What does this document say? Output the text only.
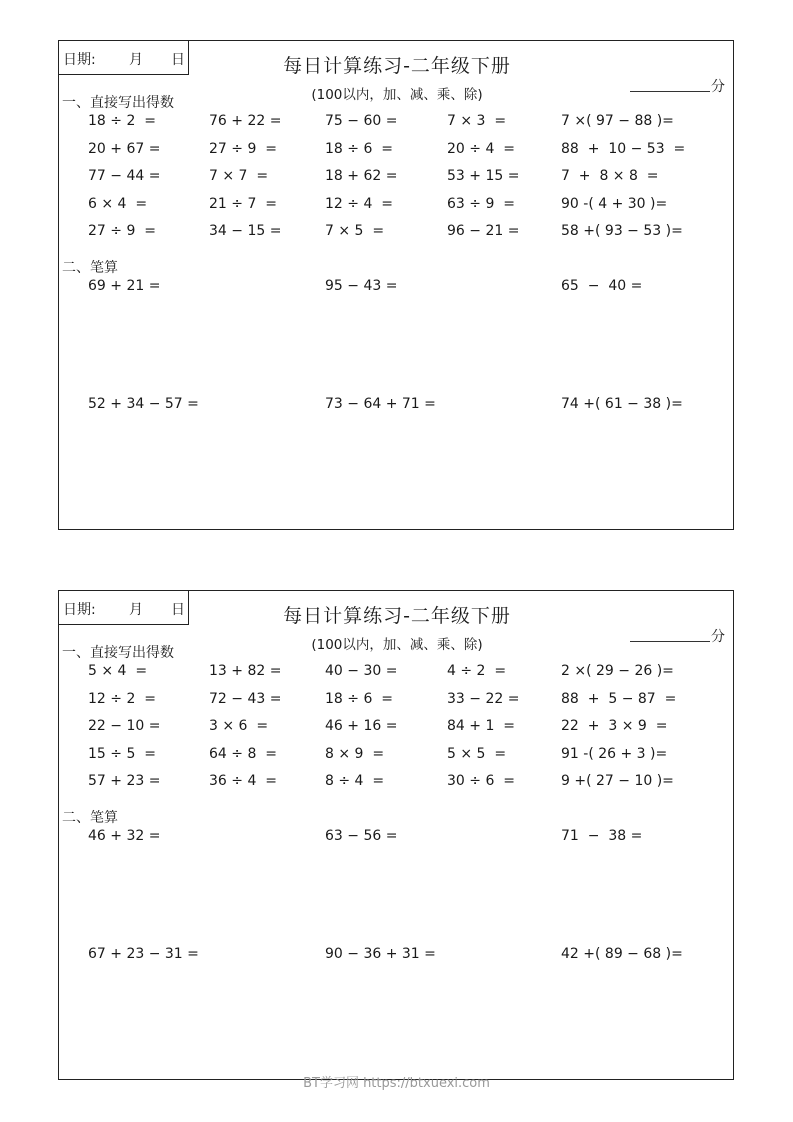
日期: 月 日	每日计算练习-二年级下册
(100以内，加、减、乘、除)	分
一、直接写出得数
二、笔算
18 ÷ 2  =	76 + 22 =	75 − 60 =	7 × 3  =	7 ×( 97 − 88 )=
20 + 67 =	27 ÷ 9  =	18 ÷ 6  =	20 ÷ 4  =	88  +  10 − 53  =
77 − 44 =	7 × 7  =	18 + 62 =	53 + 15 =	7  +  8 × 8  =
6 × 4  =	21 ÷ 7  =	12 ÷ 4  =	63 ÷ 9  =	90 -( 4 + 30 )=
27 ÷ 9  =	34 − 15 =	7 × 5  =	96 − 21 =	58 +( 93 − 53 )=
69 + 21 =	95 − 43 =	65  −  40 =
52 + 34 − 57 =	73 − 64 + 71 =	74 +( 61 − 38 )=
日期: 月 日	每日计算练习-二年级下册
(100以内，加、减、乘、除)	分
一、直接写出得数
二、笔算
5 × 4  =	13 + 82 =	40 − 30 =	4 ÷ 2  =	2 ×( 29 − 26 )=
12 ÷ 2  =	72 − 43 =	18 ÷ 6  =	33 − 22 =	88  +  5 − 87  =
22 − 10 =	3 × 6  =	46 + 16 =	84 + 1  =	22  +  3 × 9  =
15 ÷ 5  =	64 ÷ 8  =	8 × 9  =	5 × 5  =	91 -( 26 + 3 )=
57 + 23 =	36 ÷ 4  =	8 ÷ 4  =	30 ÷ 6  =	9 +( 27 − 10 )=
46 + 32 =	63 − 56 =	71  −  38 =
67 + 23 − 31 =	90 − 36 + 31 =	42 +( 89 − 68 )=
BT学习网 https://btxuexi.com
